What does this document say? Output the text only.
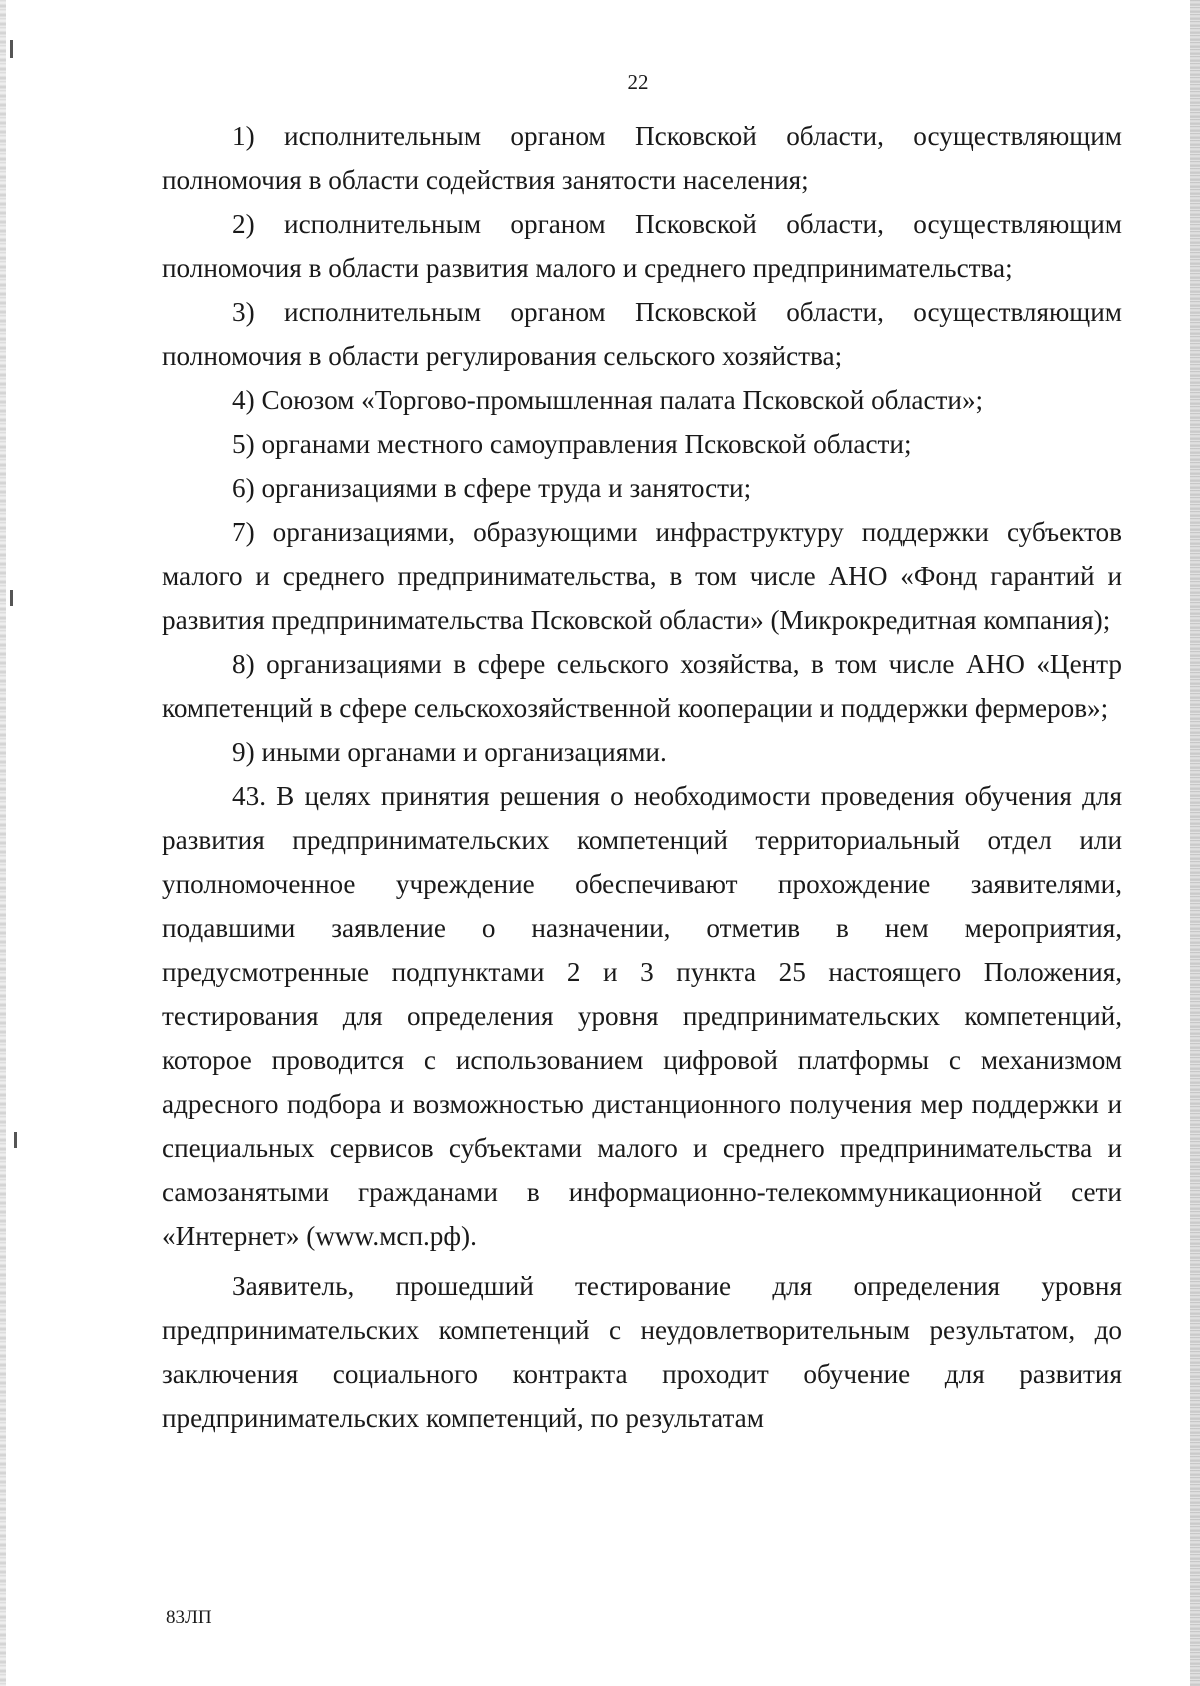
22

1) исполнительным органом Псковской области, осуществляющим полномочия в области содействия занятости населения;

2) исполнительным органом Псковской области, осуществляющим полномочия в области развития малого и среднего предпринимательства;

3) исполнительным органом Псковской области, осуществляющим полномочия в области регулирования сельского хозяйства;

4) Союзом «Торгово-промышленная палата Псковской области»;

5) органами местного самоуправления Псковской области;

6) организациями в сфере труда и занятости;

7) организациями, образующими инфраструктуру поддержки субъектов малого и среднего предпринимательства, в том числе АНО «Фонд гарантий и развития предпринимательства Псковской области» (Микрокредитная компания);

8) организациями в сфере сельского хозяйства, в том числе АНО «Центр компетенций в сфере сельскохозяйственной кооперации и поддержки фермеров»;

9) иными органами и организациями.

43. В целях принятия решения о необходимости проведения обучения для развития предпринимательских компетенций территориальный отдел или уполномоченное учреждение обеспечивают прохождение заявителями, подавшими заявление о назначении, отметив в нем мероприятия, предусмотренные подпунктами 2 и 3 пункта 25 настоящего Положения, тестирования для определения уровня предпринимательских компетенций, которое проводится с использованием цифровой платформы с механизмом адресного подбора и возможностью дистанционного получения мер поддержки и специальных сервисов субъектами малого и среднего предпринимательства и самозанятыми гражданами в информационно-телекоммуникационной сети «Интернет» (www.мсп.рф).

Заявитель, прошедший тестирование для определения уровня предпринимательских компетенций с неудовлетворительным результатом, до заключения социального контракта проходит обучение для развития предпринимательских компетенций, по результатам

83ЛП
